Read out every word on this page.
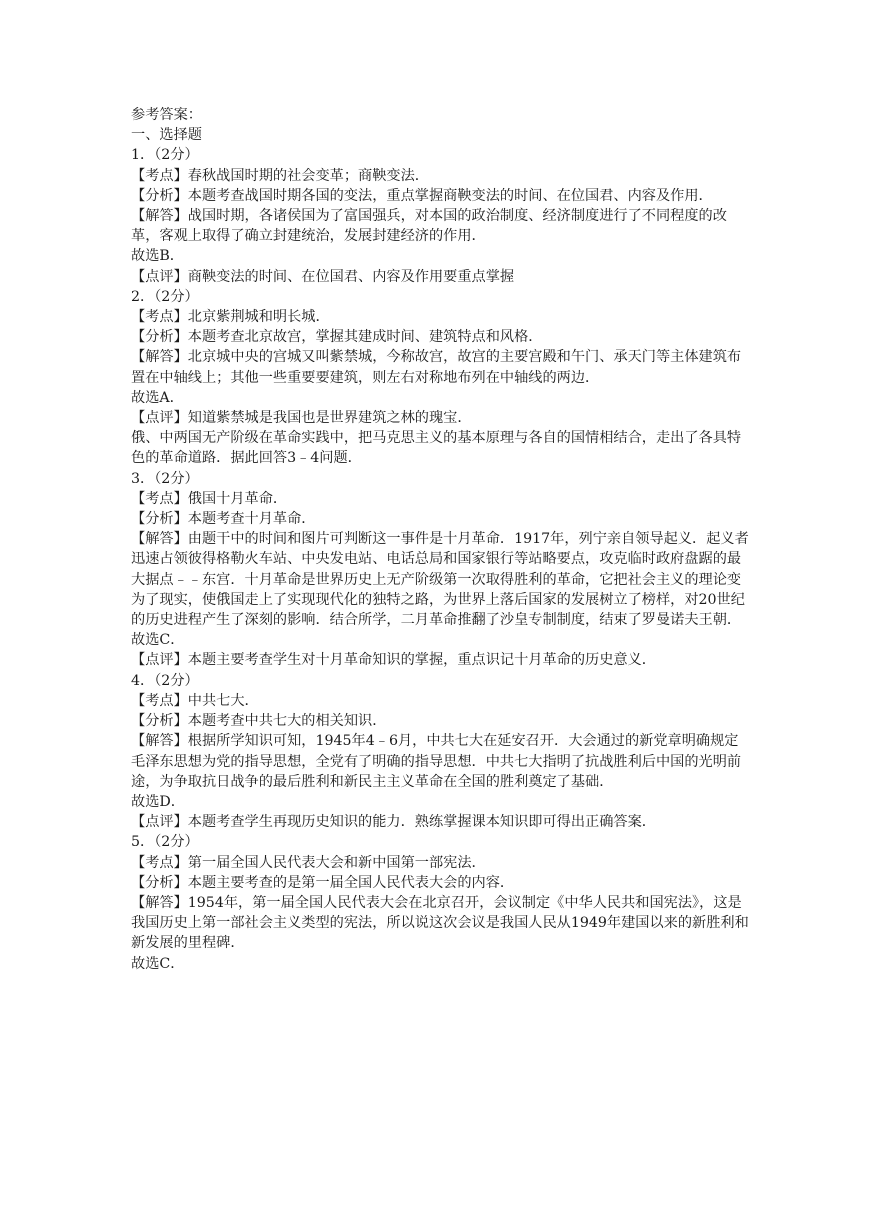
参考答案：

一、选择题

1．（2分）

【考点】春秋战国时期的社会变革；商鞅变法．

【分析】本题考查战国时期各国的变法，重点掌握商鞅变法的时间、在位国君、内容及作用．

【解答】战国时期，各诸侯国为了富国强兵，对本国的政治制度、经济制度进行了不同程度的改革，客观上取得了确立封建统治，发展封建经济的作用．

故选B．

【点评】商鞅变法的时间、在位国君、内容及作用要重点掌握

2．（2分）

【考点】北京紫荆城和明长城．

【分析】本题考查北京故宫，掌握其建成时间、建筑特点和风格．

【解答】北京城中央的宫城又叫紫禁城，今称故宫，故宫的主要宫殿和午门、承天门等主体建筑布置在中轴线上；其他一些重要要建筑，则左右对称地布列在中轴线的两边．

故选A．

【点评】知道紫禁城是我国也是世界建筑之林的瑰宝．

俄、中两国无产阶级在革命实践中，把马克思主义的基本原理与各自的国情相结合，走出了各具特色的革命道路．据此回答3﹣4问题．

3．（2分）

【考点】俄国十月革命．

【分析】本题考查十月革命．

【解答】由题干中的时间和图片可判断这一事件是十月革命．1917年，列宁亲自领导起义．起义者迅速占领彼得格勒火车站、中央发电站、电话总局和国家银行等站略要点，攻克临时政府盘踞的最大据点﹣﹣东宫．十月革命是世界历史上无产阶级第一次取得胜利的革命，它把社会主义的理论变为了现实，使俄国走上了实现现代化的独特之路，为世界上落后国家的发展树立了榜样，对20世纪的历史进程产生了深刻的影响．结合所学，二月革命推翻了沙皇专制制度，结束了罗曼诺夫王朝．

故选C．

【点评】本题主要考查学生对十月革命知识的掌握，重点识记十月革命的历史意义．

4．（2分）

【考点】中共七大．

【分析】本题考查中共七大的相关知识．

【解答】根据所学知识可知，1945年4﹣6月，中共七大在延安召开．大会通过的新党章明确规定毛泽东思想为党的指导思想，全党有了明确的指导思想．中共七大指明了抗战胜利后中国的光明前途，为争取抗日战争的最后胜利和新民主主义革命在全国的胜利奠定了基础．

故选D．

【点评】本题考查学生再现历史知识的能力．熟练掌握课本知识即可得出正确答案．

5．（2分）

【考点】第一届全国人民代表大会和新中国第一部宪法．

【分析】本题主要考查的是第一届全国人民代表大会的内容．

【解答】1954年，第一届全国人民代表大会在北京召开，会议制定《中华人民共和国宪法》，这是我国历史上第一部社会主义类型的宪法，所以说这次会议是我国人民从1949年建国以来的新胜利和新发展的里程碑．

故选C．
